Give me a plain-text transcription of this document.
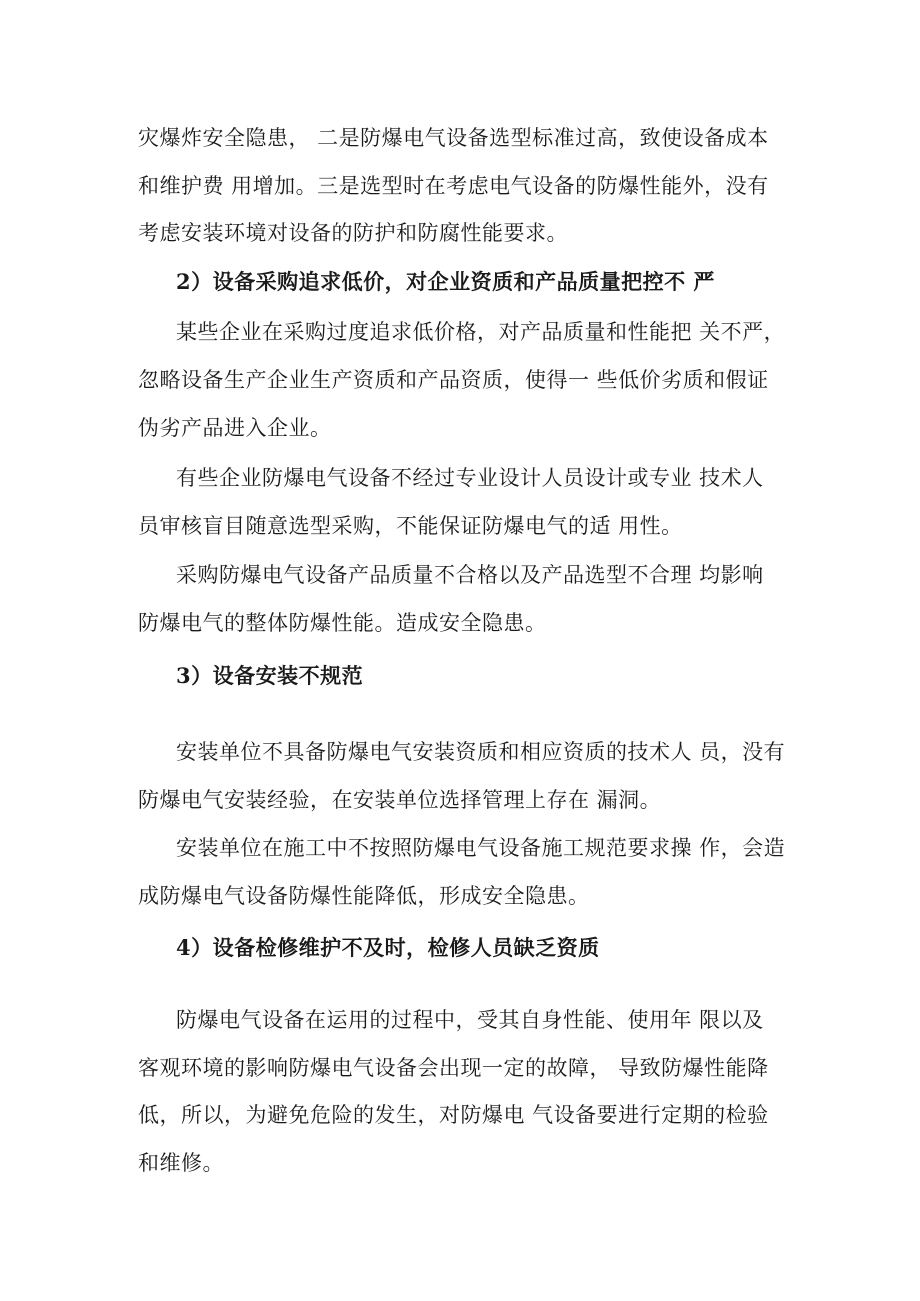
灾爆炸安全隐患， 二是防爆电气设备选型标准过高，致使设备成本
和维护费 用增加。三是选型时在考虑电气设备的防爆性能外，没有
考虑安装环境对设备的防护和防腐性能要求。
2）设备采购追求低价，对企业资质和产品质量把控不 严
某些企业在采购过度追求低价格，对产品质量和性能把 关不严，
忽略设备生产企业生产资质和产品资质，使得一 些低价劣质和假证
伪劣产品进入企业。
有些企业防爆电气设备不经过专业设计人员设计或专业 技术人
员审核盲目随意选型采购，不能保证防爆电气的适 用性。
采购防爆电气设备产品质量不合格以及产品选型不合理 均影响
防爆电气的整体防爆性能。造成安全隐患。
3）设备安装不规范
安装单位不具备防爆电气安装资质和相应资质的技术人 员，没有
防爆电气安装经验，在安装单位选择管理上存在 漏洞。
安装单位在施工中不按照防爆电气设备施工规范要求操 作，会造
成防爆电气设备防爆性能降低，形成安全隐患。
4）设备检修维护不及时，检修人员缺乏资质
防爆电气设备在运用的过程中，受其自身性能、使用年 限以及
客观环境的影响防爆电气设备会出现一定的故障， 导致防爆性能降
低，所以，为避免危险的发生，对防爆电 气设备要进行定期的检验
和维修。
